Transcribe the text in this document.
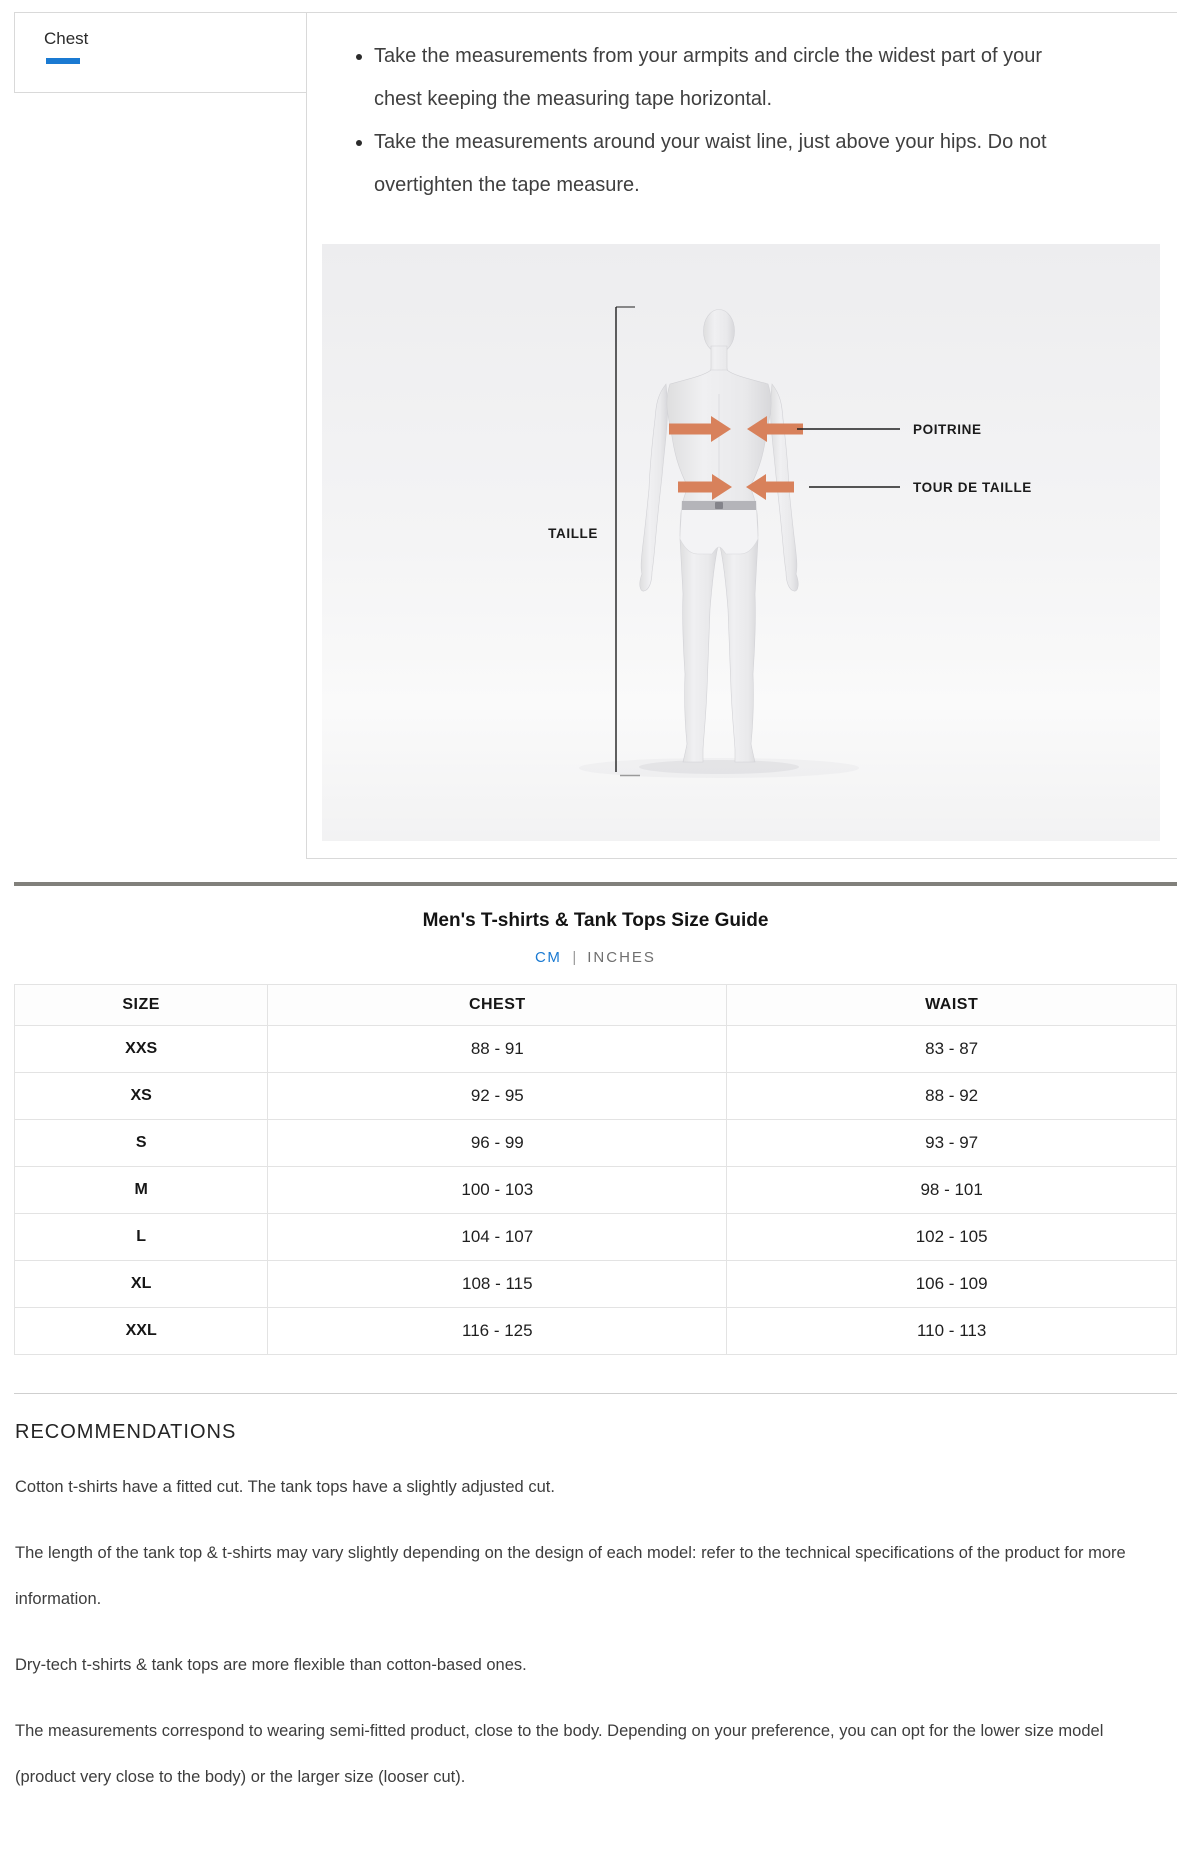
Chest
• Take the measurements from your armpits and circle the widest part of your chest keeping the measuring tape horizontal.
• Take the measurements around your waist line, just above your hips. Do not overtighten the tape measure.
POITRINE
TOUR DE TAILLE
TAILLE
Men's T-shirts & Tank Tops Size Guide
CM | INCHES
SIZE	CHEST	WAIST
XXS	88 - 91	83 - 87
XS	92 - 95	88 - 92
S	96 - 99	93 - 97
M	100 - 103	98 - 101
L	104 - 107	102 - 105
XL	108 - 115	106 - 109
XXL	116 - 125	110 - 113
RECOMMENDATIONS

Cotton t-shirts have a fitted cut. The tank tops have a slightly adjusted cut.

The length of the tank top & t-shirts may vary slightly depending on the design of each model: refer to the technical specifications of the product for more information.

Dry-tech t-shirts & tank tops are more flexible than cotton-based ones.

The measurements correspond to wearing semi-fitted product, close to the body. Depending on your preference, you can opt for the lower size model (product very close to the body) or the larger size (looser cut).
